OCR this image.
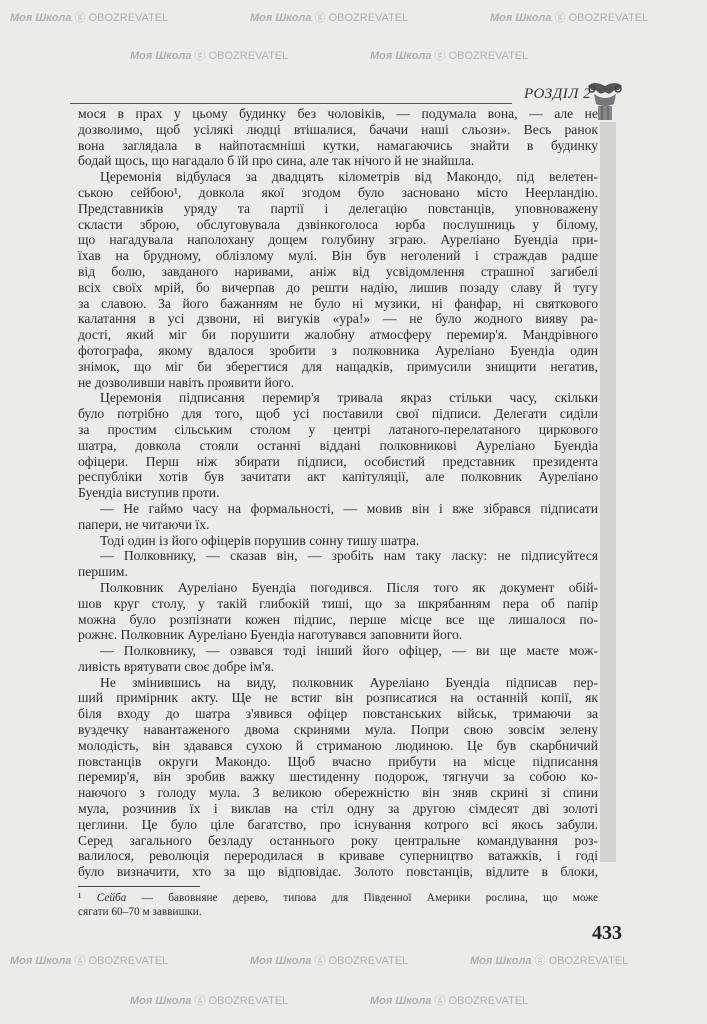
Моя Школа ⓖ OBOZREVATEL	Моя Школа ⓖ OBOZREVATEL	Моя Школа ⓖ OBOZREVATEL
Моя Школа ⓖ OBOZREVATEL	Моя Школа ⓖ OBOZREVATEL
Моя Школа ⓖ OBOZREVATEL	Моя Школа ⓖ OBOZREVATEL	Моя Школа ⓖ OBOZREVATEL
Моя Школа ⓖ OBOZREVATEL	Моя Школа ⓖ OBOZREVATEL
РОЗДІЛ 2
мося в прах у цьому будинку без чоловіків, — подумала вона, — але не
дозволимо, щоб усілякі людці втішалися, бачачи наші сльози». Весь ранок
вона заглядала в найпотаємніші кутки, намагаючись знайти в будинку
бодай щось, що нагадало б їй про сина, але так нічого й не знайшла.
Церемонія відбулася за двадцять кілометрів від Макондо, під велетен-
ською сейбою¹, довкола якої згодом було засновано місто Неерландію.
Представників уряду та партії і делегацію повстанців, уповноважену
скласти зброю, обслуговувала дзвінкоголоса юрба послушниць у білому,
що нагадувала наполохану дощем голубину зграю. Ауреліано Буендіа при-
їхав на брудному, облізлому мулі. Він був неголений і страждав радше
від болю, завданого наривами, аніж від усвідомлення страшної загибелі
всіх своїх мрій, бо вичерпав до решти надію, лишив позаду славу й тугу
за славою. За його бажанням не було ні музики, ні фанфар, ні святкового
калатання в усі дзвони, ні вигуків «ура!» — не було жодного вияву ра-
дості, який міг би порушити жалобну атмосферу перемир'я. Мандрівного
фотографа, якому вдалося зробити з полковника Ауреліано Буендіа один
знімок, що міг би зберегтися для нащадків, примусили знищити негатив,
не дозволивши навіть проявити його.
Церемонія підписання перемир'я тривала якраз стільки часу, скільки
було потрібно для того, щоб усі поставили свої підписи. Делегати сиділи
за простим сільським столом у центрі латаного-перелатаного циркового
шатра, довкола стояли останні віддані полковникові Ауреліано Буендіа
офіцери. Перш ніж збирати підписи, особистий представник президента
республіки хотів був зачитати акт капітуляції, але полковник Ауреліано
Буендіа виступив проти.
— Не гаймо часу на формальності, — мовив він і вже зібрався підписати
папери, не читаючи їх.
Тоді один із його офіцерів порушив сонну тишу шатра.
— Полковнику, — сказав він, — зробіть нам таку ласку: не підписуйтеся
першим.
Полковник Ауреліано Буендіа погодився. Після того як документ обій-
шов круг столу, у такій глибокій тиші, що за шкрябанням пера об папір
можна було розпізнати кожен підпис, перше місце все ще лишалося по-
рожнє. Полковник Ауреліано Буендіа наготувався заповнити його.
— Полковнику, — озвався тоді інший його офіцер, — ви ще маєте мож-
ливість врятувати своє добре ім'я.
Не змінившись на виду, полковник Ауреліано Буендіа підписав пер-
ший примірник акту. Ще не встиг він розписатися на останній копії, як
біля входу до шатра з'явився офіцер повстанських військ, тримаючи за
вуздечку навантаженого двома скринями мула. Попри свою зовсім зелену
молодість, він здавався сухою й стриманою людиною. Це був скарбничий
повстанців округи Макондо. Щоб вчасно прибути на місце підписання
перемир'я, він зробив важку шестиденну подорож, тягнучи за собою ко-
наючого з голоду мула. З великою обережністю він зняв скрині зі спини
мула, розчинив їх і виклав на стіл одну за другою сімдесят дві золоті
цеглини. Це було ціле багатство, про існування котрого всі якось забули.
Серед загального безладу останнього року центральне командування роз-
валилося, революція переродилася в криваве суперництво ватажків, і годі
було визначити, хто за що відповідає. Золото повстанців, відлите в блоки,
¹ Сейба — бавовняне дерево, типова для Південної Америки рослина, що може
сягати 60–70 м заввишки.
433
